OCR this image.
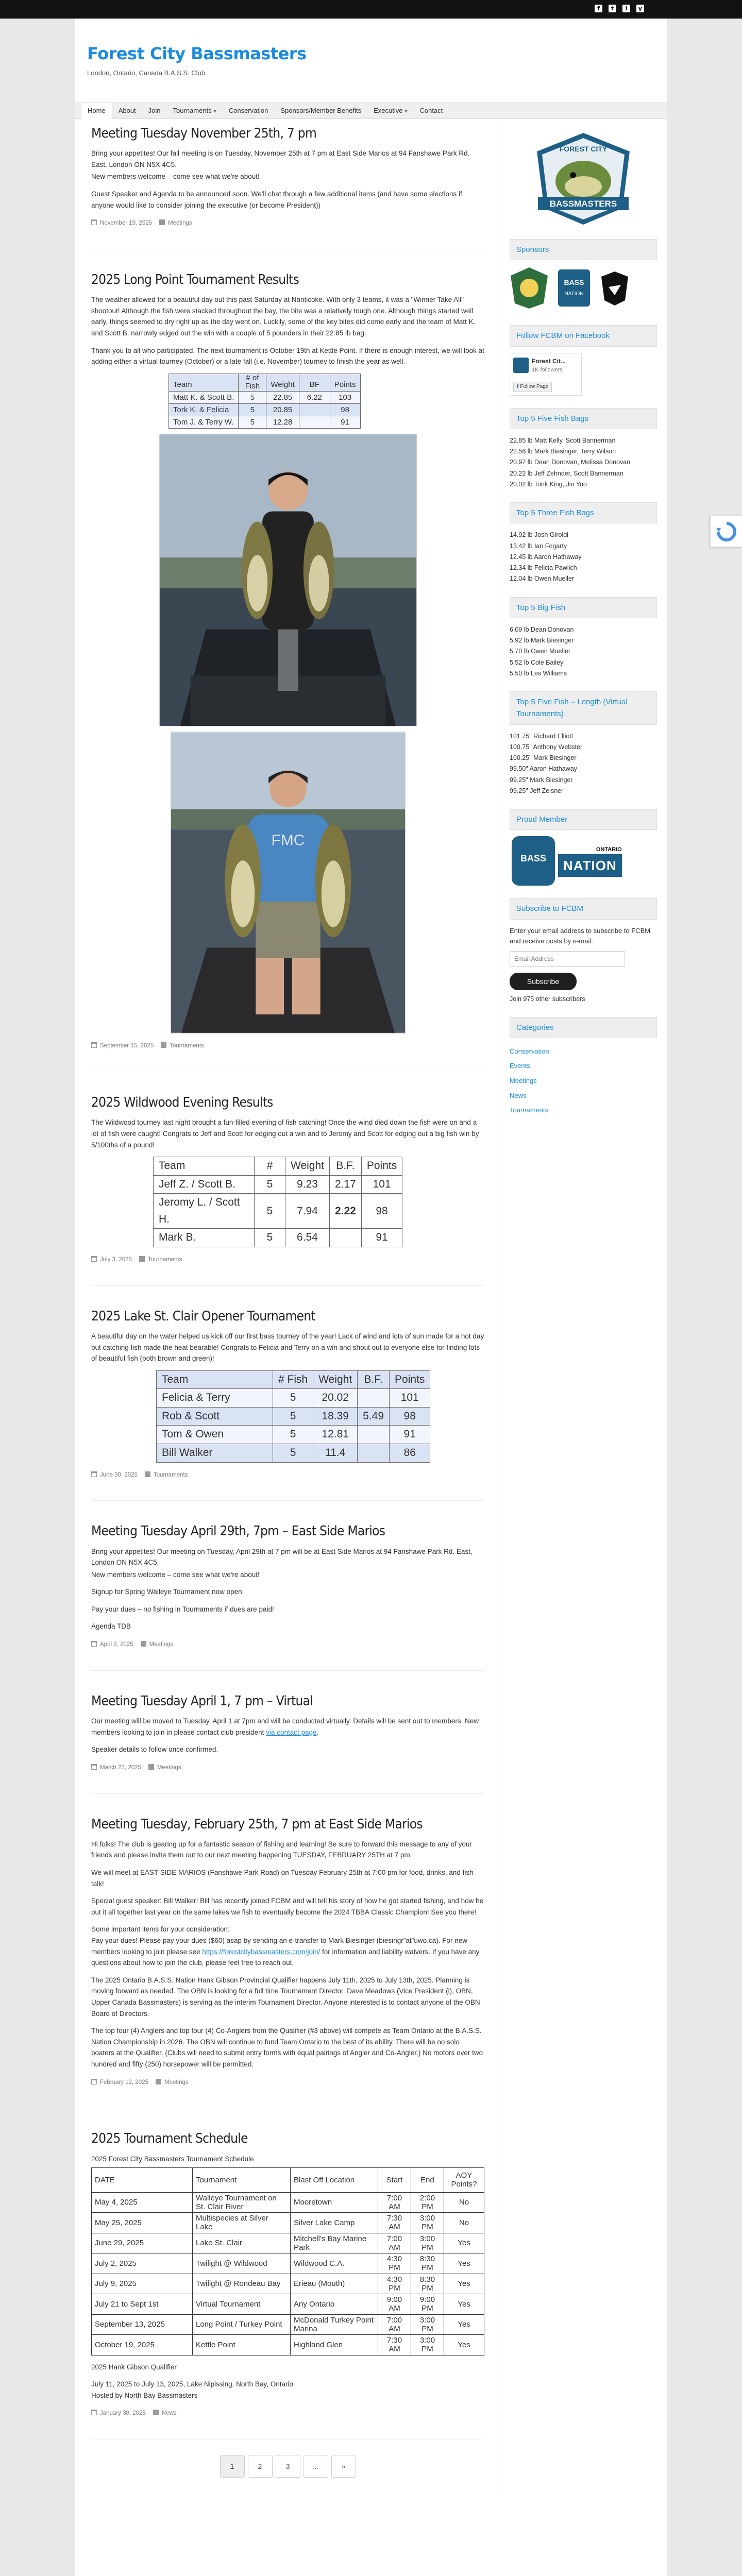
f	t	i	y
Forest City Bassmasters
London, Ontario, Canada B.A.S.S. Club
Home	About	Join	Tournaments ▾	Conservation	Sponsors/Member Benefits	Executive ▾	Contact
Meeting Tuesday November 25th, 7 pm

Bring your appetites! Our fall meeting is on Tuesday, November 25th at 7 pm at East Side Marios at 94 Fanshawe Park Rd. East, London ON N5X 4C5.

New members welcome – come see what we're about!

Guest Speaker and Agenda to be announced soon. We'll chat through a few additional items (and have some elections if anyone would like to consider joining the executive (or become President))

November 19, 2025	Meetings
2025 Long Point Tournament Results

The weather allowed for a beautiful day out this past Saturday at Nanticoke. With only 3 teams, it was a "Winner Take All" shootout! Although the fish were stacked throughout the bay, the bite was a relatively tough one. Although things started well early, things seemed to dry right up as the day went on. Luckily, some of the key bites did come early and the team of Matt K. and Scott B. narrowly edged out the win with a couple of 5 pounders in their 22.85 lb bag.

Thank you to all who participated. The next tournament is October 19th at Kettle Point. If there is enough interest, we will look at adding either a virtual tourney (October) or a late fall (i.e. November) tourney to finish the year as well.

Team	# of Fish	Weight	BF	Points
Matt K. & Scott B.	5	22.85	6.22	103
Tork K. & Felicia	5	20.85		98
Tom J. & Terry W.	5	12.28		91
FMC
September 15, 2025	Tournaments
2025 Wildwood Evening Results

The Wildwood tourney last night brought a fun-filled evening of fish catching! Once the wind died down the fish were on and a lot of fish were caught! Congrats to Jeff and Scott for edging out a win and to Jeromy and Scott for edging out a big fish win by 5/100ths of a pound!

Team	#	Weight	B.F.	Points
Jeff Z. / Scott B.	5	9.23	2.17	101
Jeromy L. / Scott H.	5	7.94	2.22	98
Mark B.	5	6.54		91
July 3, 2025	Tournaments
2025 Lake St. Clair Opener Tournament

A beautiful day on the water helped us kick off our first bass tourney of the year! Lack of wind and lots of sun made for a hot day but catching fish made the heat bearable! Congrats to Felicia and Terry on a win and shout out to everyone else for finding lots of beautiful fish (both brown and green)!

Team	# Fish	Weight	B.F.	Points
Felicia & Terry	5	20.02		101
Rob & Scott	5	18.39	5.49	98
Tom & Owen	5	12.81		91
Bill Walker	5	11.4		86
June 30, 2025	Tournaments
Meeting Tuesday April 29th, 7pm – East Side Marios

Bring your appetites! Our meeting on Tuesday, April 29th at 7 pm will be at East Side Marios at 94 Fanshawe Park Rd. East, London ON N5X 4C5.

New members welcome – come see what we're about!

Signup for Spring Walleye Tournament now open.

Pay your dues – no fishing in Tournaments if dues are paid!

Agenda TDB

April 2, 2025	Meetings
Meeting Tuesday April 1, 7 pm – Virtual

Our meeting will be moved to Tuesday, April 1 at 7pm and will be conducted virtually. Details will be sent out to members. New members looking to join in please contact club president via contact page.

Speaker details to follow once confirmed.

March 23, 2025	Meetings
Meeting Tuesday, February 25th, 7 pm at East Side Marios

Hi folks! The club is gearing up for a fantastic season of fishing and learning! Be sure to forward this message to any of your friends and please invite them out to our next meeting happening TUESDAY, FEBRUARY 25TH at 7 pm.

We will meet at EAST SIDE MARIOS (Fanshawe Park Road) on Tuesday February 25th at 7:00 pm for food, drinks, and fish talk!

Special guest speaker: Bill Walker! Bill has recently joined FCBM and will tell his story of how he got started fishing, and how he put it all together last year on the same lakes we fish to eventually become the 2024 TBBA Classic Champion! See you there!

Some important items for your consideration:

Pay your dues! Please pay your dues ($60) asap by sending an e-transfer to Mark Biesinger (biesingr"at"uwo.ca). For new members looking to join please see https://forestcitybassmasters.com/join/ for information and liability waivers. If you have any questions about how to join the club, please feel free to reach out.

The 2025 Ontario B.A.S.S. Nation Hank Gibson Provincial Qualifier happens July 11th, 2025 to July 13th, 2025. Planning is moving forward as needed. The OBN is looking for a full time Tournament Director. Dave Meadows (Vice President (i), OBN, Upper Canada Bassmasters) is serving as the interim Tournament Director. Anyone interested is to contact anyone of the OBN Board of Directors.

The top four (4) Anglers and top four (4) Co-Anglers from the Qualifier (#3 above) will compete as Team Ontario at the B.A.S.S. Nation Championship in 2026. The OBN will continue to fund Team Ontario to the best of its ability. There will be no solo boaters at the Qualifier. (Clubs will need to submit entry forms with equal pairings of Angler and Co-Angler.) No motors over two hundred and fifty (250) horsepower will be permitted.

February 12, 2025	Meetings
2025 Tournament Schedule

2025 Forest City Bassmasters Tournament Schedule

DATE	Tournament	Blast Off Location	Start	End	AOY Points?
May 4, 2025	Walleye Tournament on St. Clair River	Mooretown	7:00 AM	2:00 PM	No
May 25, 2025	Multispecies at Silver Lake	Silver Lake Camp	7:30 AM	3:00 PM	No
June 29, 2025	Lake St. Clair	Mitchell's Bay Marine Park	7:00 AM	3:00 PM	Yes
July 2, 2025	Twilight @ Wildwood	Wildwood C.A.	4:30 PM	8:30 PM	Yes
July 9, 2025	Twilight @ Rondeau Bay	Erieau (Mouth)	4:30 PM	8:30 PM	Yes
July 21 to Sept 1st	Virtual Tournament	Any Ontario	9:00 AM	9:00 PM	Yes
September 13, 2025	Long Point / Turkey Point	McDonald Turkey Point Marina	7:00 AM	3:00 PM	Yes
October 19, 2025	Kettle Point	Highland Glen	7:30 AM	3:00 PM	Yes

2025 Hank Gibson Qualifier

July 11, 2025 to July 13, 2025, Lake Nipissing, North Bay, Ontario

Hosted by North Bay Bassmasters

January 30, 2025	News
1	2	3	…	»
BASSMASTERS
FOREST CITY
Sponsors

BASS
NATION

Follow FCBM on Facebook
Forest Cit...
1K followers
f Follow Page
Top 5 Five Fish Bags
22.85 lb Matt Kelly, Scott Bannerman
22.56 lb Mark Biesinger, Terry Wilson
20.97 lb Dean Donovan, Melissa Donovan
20.22 lb Jeff Zehnder, Scott Bannerman
20.02 lb Tonk King, Jin Yoo
Top 5 Three Fish Bags
14.92 lb Josh Giroldi
13.42 lb Ian Fogarty
12.45 lb Aaron Hathaway
12.34 lb Felicia Pawlich
12.04 lb Owen Mueller
Top 5 Big Fish
6.09 lb Dean Donovan
5.92 lb Mark Biesinger
5.70 lb Owen Mueller
5.52 lb Cole Bailey
5.50 lb Les Williams
Top 5 Five Fish – Length (Virtual Tournaments)
101.75" Richard Elliott
100.75" Anthony Webster
100.25" Mark Biesinger
99.50" Aaron Hathaway
99.25" Mark Biesinger
99.25" Jeff Zeisner
Proud Member
BASS
ONTARIO
NATION
Subscribe to FCBM

Enter your email address to subscribe to FCBM and receive posts by e-mail.

Email Address
Subscribe
Join 975 other subscribers
Categories
Conservation
Events
Meetings
News
Tournaments
